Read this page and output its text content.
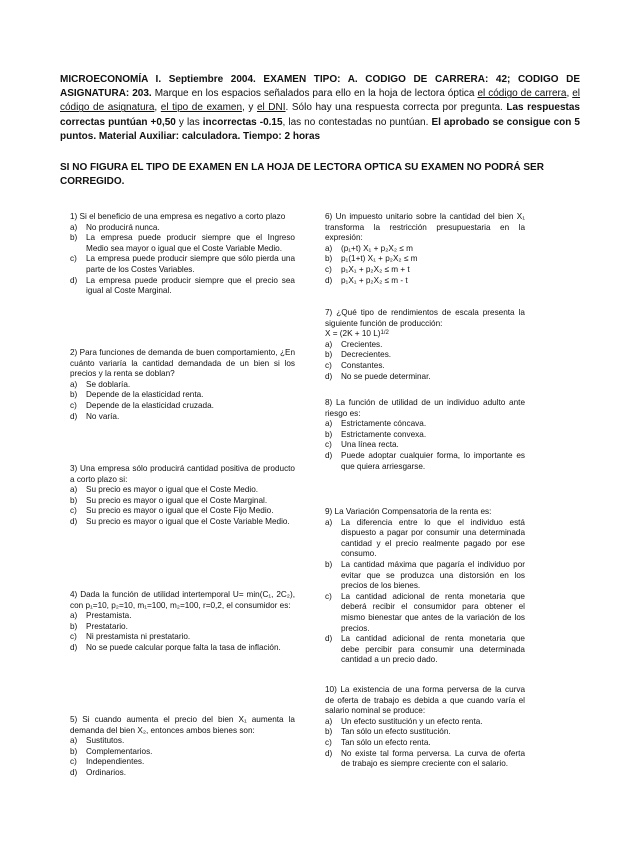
MICROECONOMÍA I. Septiembre 2004. EXAMEN TIPO: A. CODIGO DE CARRERA: 42; CODIGO DE ASIGNATURA: 203. Marque en los espacios señalados para ello en la hoja de lectora óptica el código de carrera, el código de asignatura, el tipo de examen, y el DNI. Sólo hay una respuesta correcta por pregunta. Las respuestas correctas puntúan +0,50 y las incorrectas -0.15, las no contestadas no puntúan. El aprobado se consigue con 5 puntos. Material Auxiliar: calculadora. Tiempo: 2 horas
SI NO FIGURA EL TIPO DE EXAMEN EN LA HOJA DE LECTORA OPTICA SU EXAMEN NO PODRÁ SER CORREGIDO.

1) Si el beneficio de una empresa es negativo a corto plazo

a)	No producirá nunca.
b)	La empresa puede producir siempre que el Ingreso Medio sea mayor o igual que el Coste Variable Medio.
c)	La empresa puede producir siempre que sólo pierda una parte de los Costes Variables.
d)	La empresa puede producir siempre que el precio sea igual al Coste Marginal.

2) Para funciones de demanda de buen comportamiento, ¿En cuánto variaría la cantidad demandada de un bien si los precios y la renta se doblan?

a)	Se doblaría.
b)	Depende de la elasticidad renta.
c)	Depende de la elasticidad cruzada.
d)	No varía.

3) Una empresa sólo producirá cantidad positiva de producto a corto plazo si:

a)	Su precio es mayor o igual que el Coste Medio.
b)	Su precio es mayor o igual que el Coste Marginal.
c)	Su precio es mayor o igual que el Coste Fijo Medio.
d)	Su precio es mayor o igual que el Coste Variable Medio.

4) Dada la función de utilidad intertemporal U= min(C₁, 2C₂), con p₁=10, p₂=10, m₁=100, m₂=100, r=0,2, el consumidor es:

a)	Prestamista.
b)	Prestatario.
c)	Ni prestamista ni prestatario.
d)	No se puede calcular porque falta la tasa de inflación.

5) Si cuando aumenta el precio del bien X₁ aumenta la demanda del bien X₂, entonces ambos bienes son:

a)	Sustitutos.
b)	Complementarios.
c)	Independientes.
d)	Ordinarios.

6) Un impuesto unitario sobre la cantidad del bien X₁ transforma la restricción presupuestaria en la expresión:

a)	(p₁+t) X₁ + p₂X₂ ≤ m
b)	p₁(1+t) X₁ + p₂X₂ ≤ m
c)	p₁X₁ + p₂X₂ ≤ m + t
d)	p₁X₁ + p₂X₂ ≤ m - t

7) ¿Qué tipo de rendimientos de escala presenta la siguiente función de producción:

X = (2K + 10 L)$^{1/2}$

a)	Crecientes.
b)	Decrecientes.
c)	Constantes.
d)	No se puede determinar.

8) La función de utilidad de un individuo adulto ante riesgo es:

a)	Estrictamente cóncava.
b)	Estrictamente convexa.
c)	Una línea recta.
d)	Puede adoptar cualquier forma, lo importante es que quiera arriesgarse.

9) La Variación Compensatoria de la renta es:

a)	La diferencia entre lo que el individuo está dispuesto a pagar por consumir una determinada cantidad y el precio realmente pagado por ese consumo.
b)	La cantidad máxima que pagaría el individuo por evitar que se produzca una distorsión en los precios de los bienes.
c)	La cantidad adicional de renta monetaria que deberá recibir el consumidor para obtener el mismo bienestar que antes de la variación de los precios.
d)	La cantidad adicional de renta monetaria que debe percibir para consumir una determinada cantidad a un precio dado.

10) La existencia de una forma perversa de la curva de oferta de trabajo es debida a que cuando varía el salario nominal se produce:

a)	Un efecto sustitución y un efecto renta.
b)	Tan sólo un efecto sustitución.
c)	Tan sólo un efecto renta.
d)	No existe tal forma perversa. La curva de oferta de trabajo es siempre creciente con el salario.
